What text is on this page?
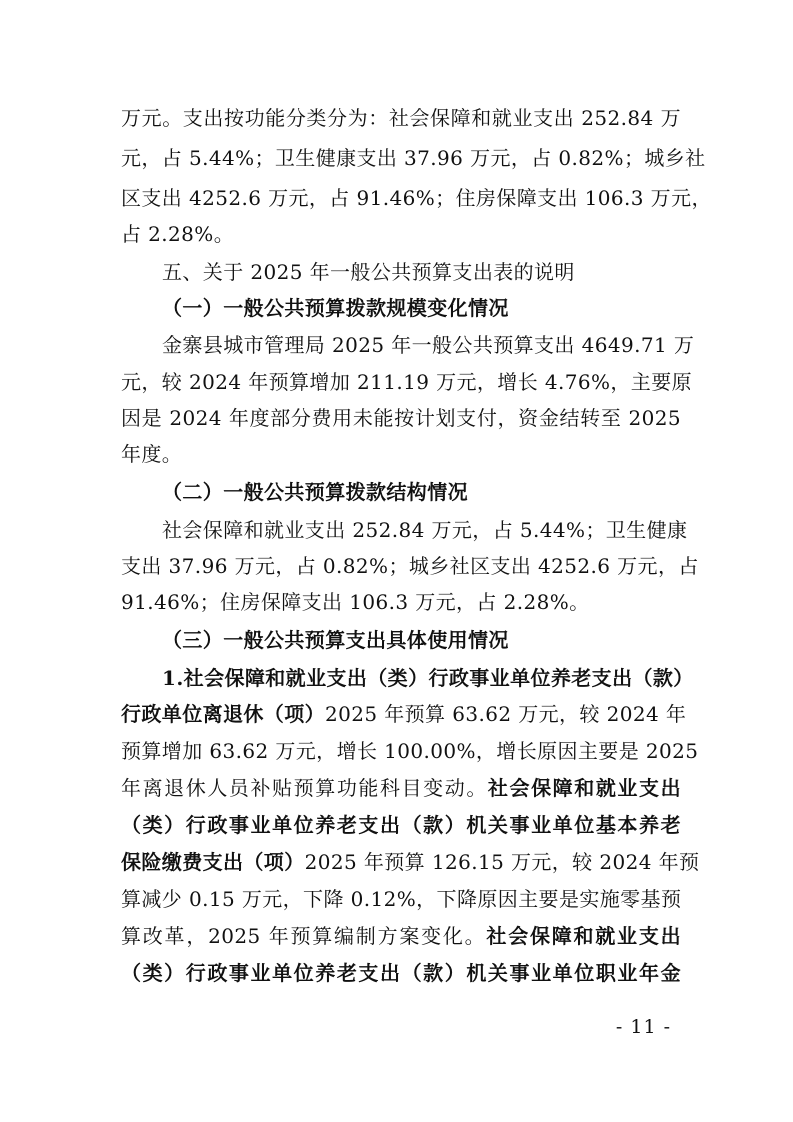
万元。支出按功能分类分为：社会保障和就业支出 252.84 万
元，占 5.44%；卫生健康支出 37.96 万元，占 0.82%；城乡社
区支出 4252.6 万元，占 91.46%；住房保障支出 106.3 万元，
占 2.28%。
五、关于 2025 年一般公共预算支出表的说明
（一）一般公共预算拨款规模变化情况
金寨县城市管理局 2025 年一般公共预算支出 4649.71 万
元，较 2024 年预算增加 211.19 万元，增长 4.76%，主要原
因是 2024 年度部分费用未能按计划支付，资金结转至 2025
年度。
（二）一般公共预算拨款结构情况
社会保障和就业支出 252.84 万元，占 5.44%；卫生健康
支出 37.96 万元，占 0.82%；城乡社区支出 4252.6 万元，占
91.46%；住房保障支出 106.3 万元，占 2.28%。
（三）一般公共预算支出具体使用情况
1.社会保障和就业支出（类）行政事业单位养老支出（款）
行政单位离退休（项）2025 年预算 63.62 万元，较 2024 年
预算增加 63.62 万元，增长 100.00%，增长原因主要是 2025
年离退休人员补贴预算功能科目变动。社会保障和就业支出
（类）行政事业单位养老支出（款）机关事业单位基本养老
保险缴费支出（项）2025 年预算 126.15 万元，较 2024 年预
算减少 0.15 万元，下降 0.12%，下降原因主要是实施零基预
算改革，2025 年预算编制方案变化。社会保障和就业支出
（类）行政事业单位养老支出（款）机关事业单位职业年金
- 11 -
